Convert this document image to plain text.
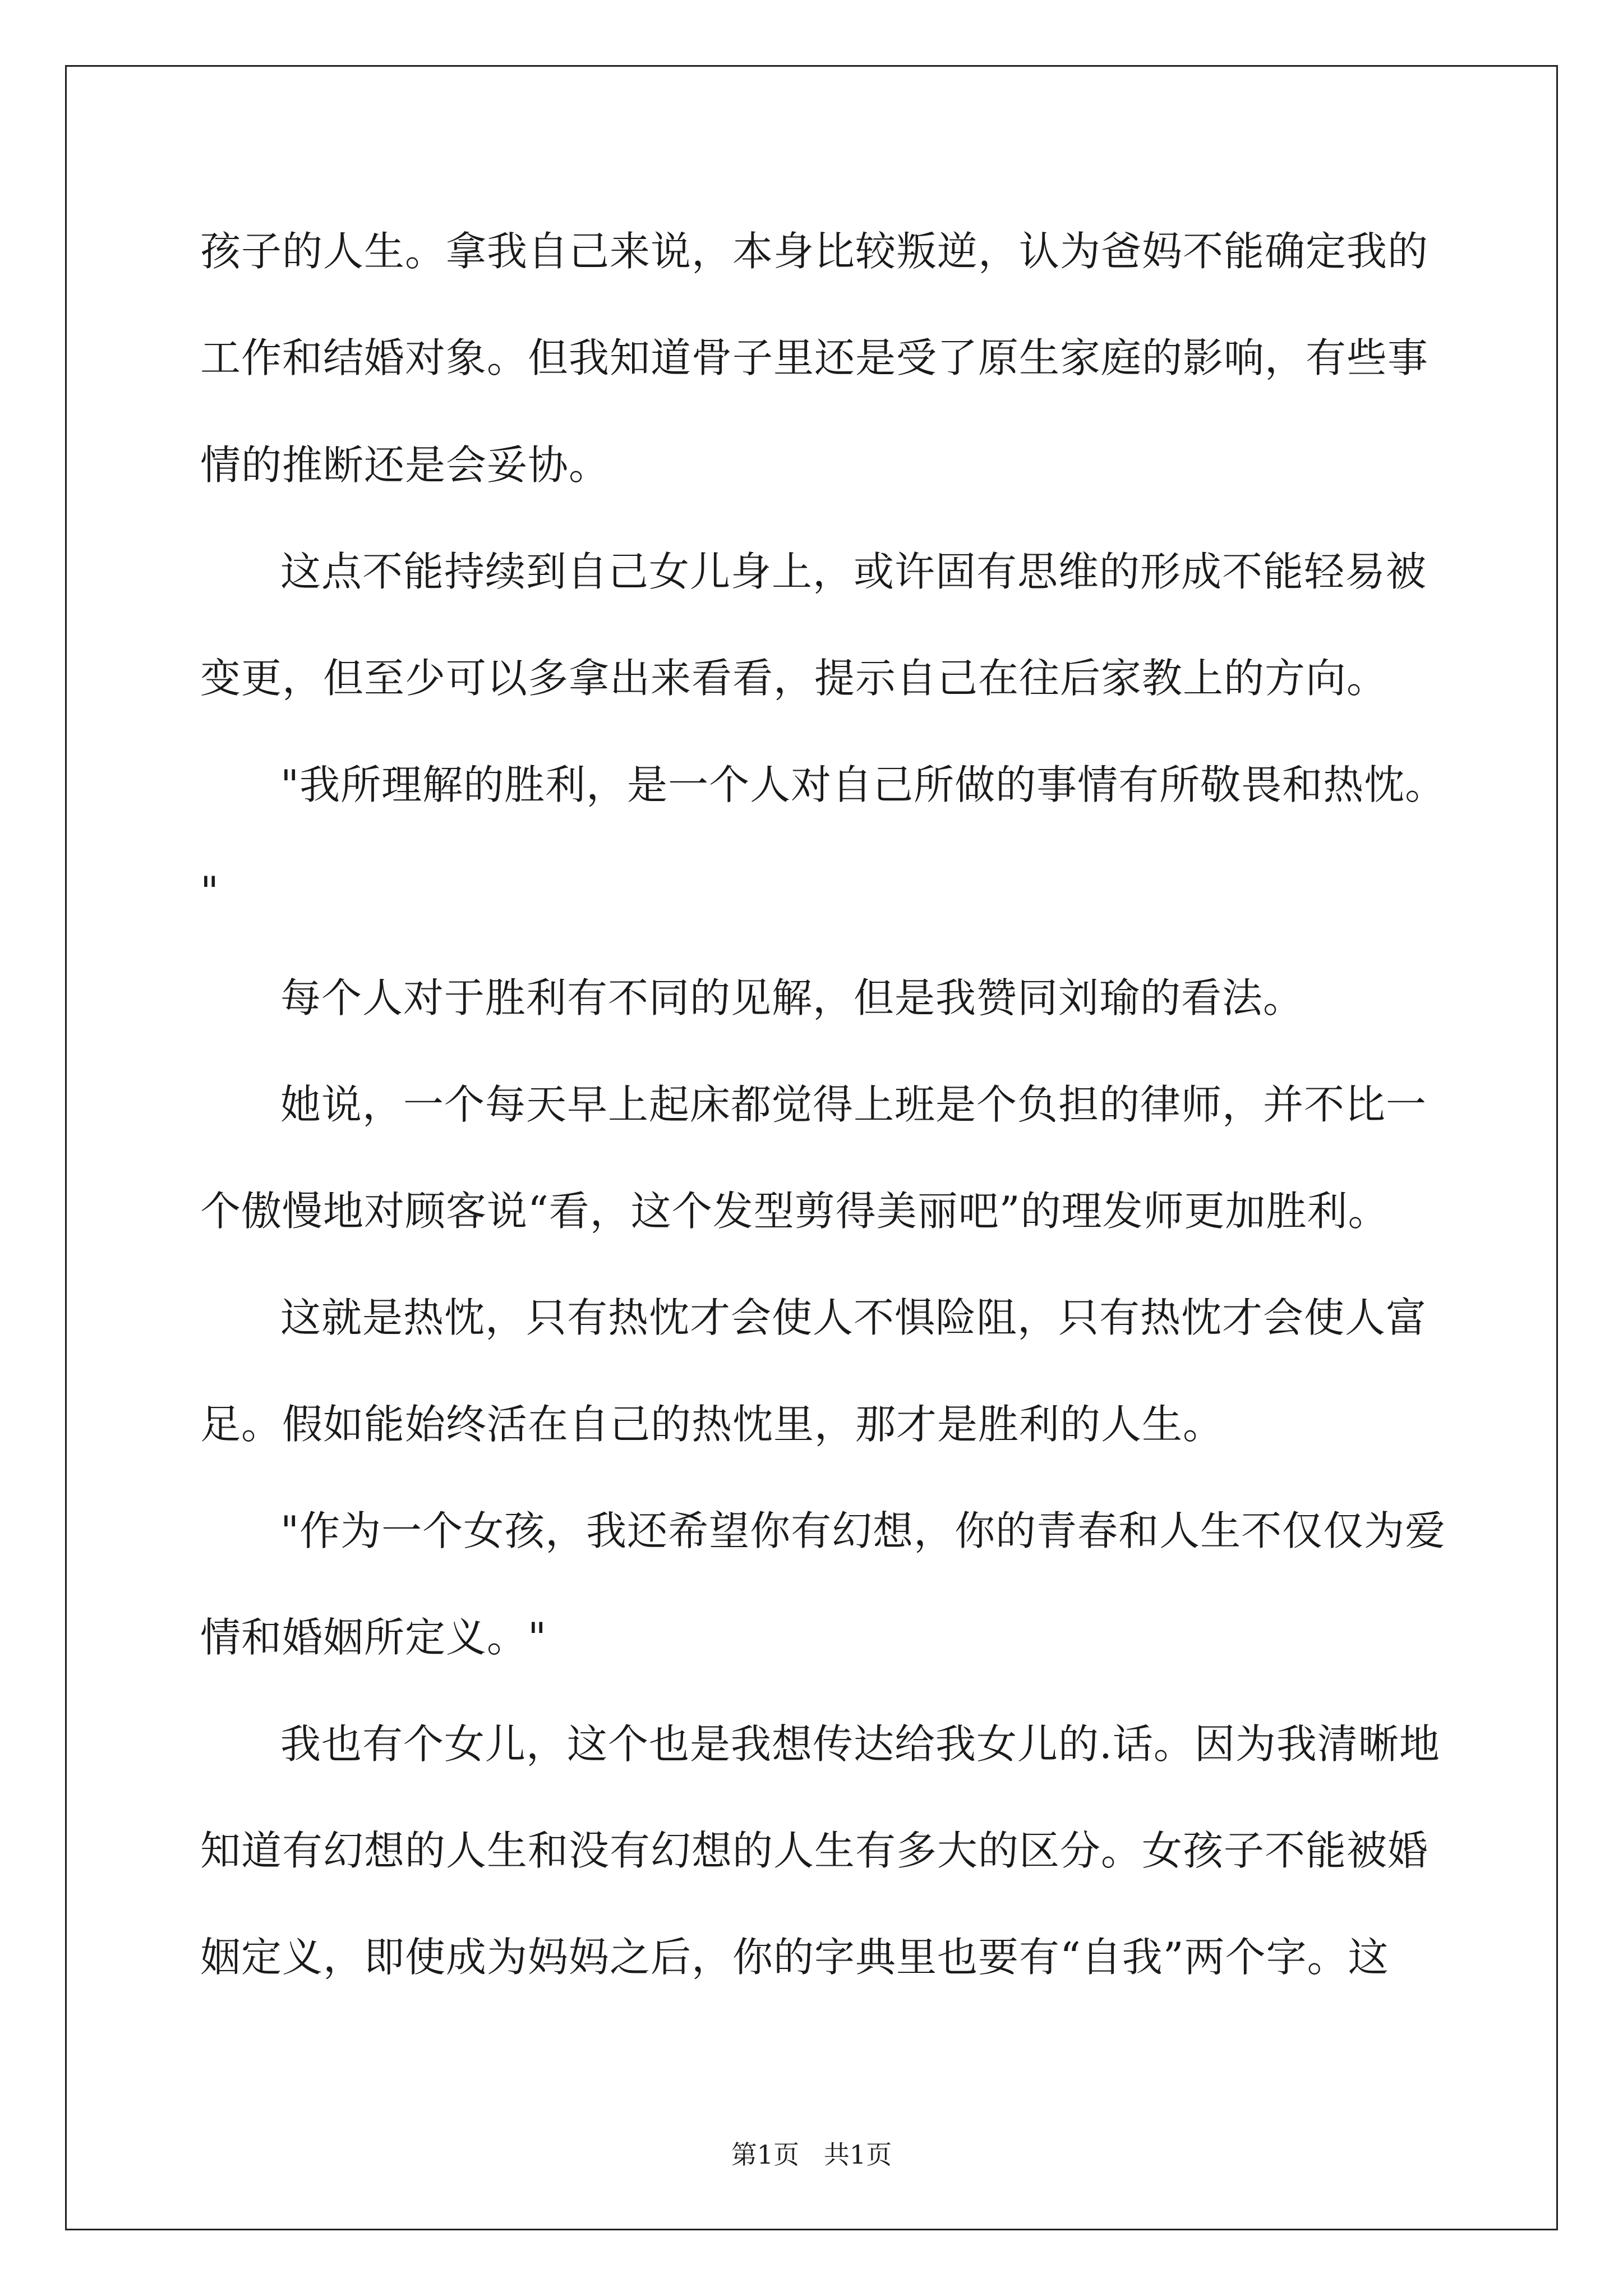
孩子的人生。拿我自己来说，本身比较叛逆，认为爸妈不能确定我的
工作和结婚对象。但我知道骨子里还是受了原生家庭的影响，有些事
情的推断还是会妥协。
这点不能持续到自己女儿身上，或许固有思维的形成不能轻易被
变更，但至少可以多拿出来看看，提示自己在往后家教上的方向。
"我所理解的胜利，是一个人对自己所做的事情有所敬畏和热忱。
"
每个人对于胜利有不同的见解，但是我赞同刘瑜的看法。
她说，一个每天早上起床都觉得上班是个负担的律师，并不比一
个傲慢地对顾客说“看，这个发型剪得美丽吧”的理发师更加胜利。
这就是热忱，只有热忱才会使人不惧险阻，只有热忱才会使人富
足。假如能始终活在自己的热忱里，那才是胜利的人生。
"作为一个女孩，我还希望你有幻想，你的青春和人生不仅仅为爱
情和婚姻所定义。"
我也有个女儿，这个也是我想传达给我女儿的.话。因为我清晰地
知道有幻想的人生和没有幻想的人生有多大的区分。女孩子不能被婚
姻定义，即使成为妈妈之后，你的字典里也要有“自我”两个字。这
第1页   共1页
